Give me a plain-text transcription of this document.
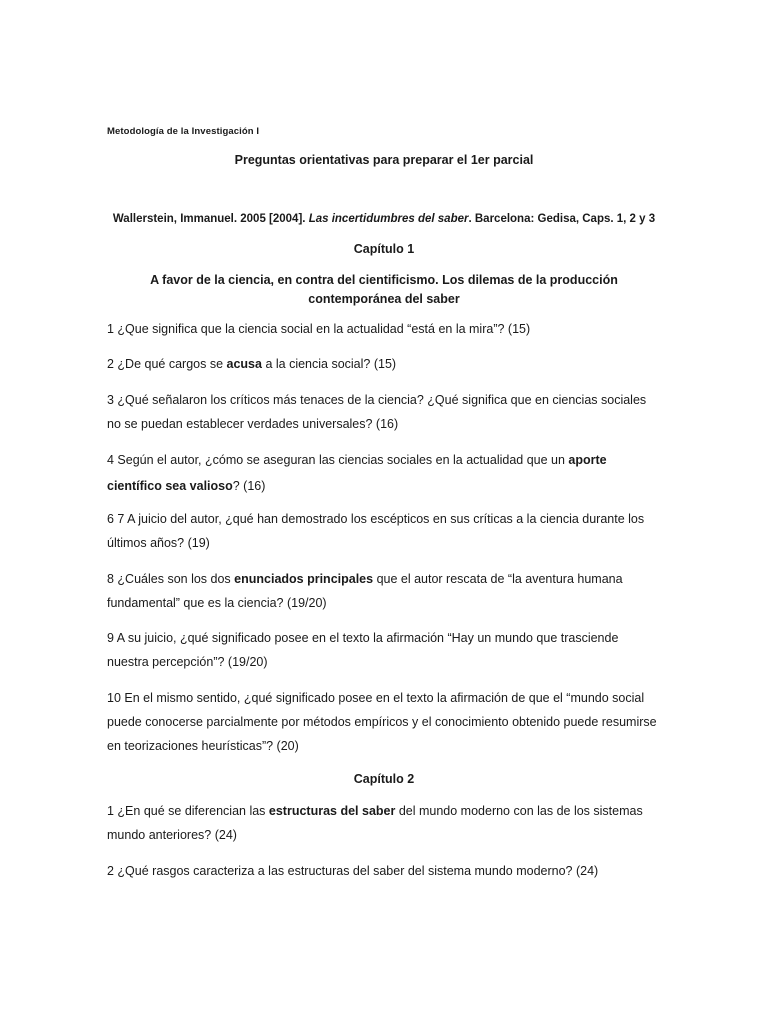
Metodología de la Investigación I
Preguntas orientativas para preparar el 1er parcial
Wallerstein, Immanuel. 2005 [2004]. Las incertidumbres del saber. Barcelona: Gedisa, Caps. 1, 2 y 3
Capítulo 1
A favor de la ciencia, en contra del cientificismo. Los dilemas de la producción contemporánea del saber
1 ¿Que significa que la ciencia social en la actualidad “está en la mira”? (15)
2 ¿De qué cargos se acusa a la ciencia social? (15)
3 ¿Qué señalaron los críticos más tenaces de la ciencia? ¿Qué significa que en ciencias sociales no se puedan establecer verdades universales? (16)
4 Según el autor, ¿cómo se aseguran las ciencias sociales en la actualidad que un aporte científico sea valioso? (16)
6 7 A juicio del autor, ¿qué han demostrado los escépticos en sus críticas a la ciencia durante los últimos años? (19)
8 ¿Cuáles son los dos enunciados principales que el autor rescata de “la aventura humana fundamental” que es la ciencia? (19/20)
9 A su juicio, ¿qué significado posee en el texto la afirmación “Hay un mundo que trasciende nuestra percepción”? (19/20)
10 En el mismo sentido, ¿qué significado posee en el texto la afirmación de que el “mundo social puede conocerse parcialmente por métodos empíricos y el conocimiento obtenido puede resumirse en teorizaciones heurísticas”? (20)
Capítulo 2
1 ¿En qué se diferencian las estructuras del saber del mundo moderno con las de los sistemas mundo anteriores? (24)
2 ¿Qué rasgos caracteriza a las estructuras del saber del sistema mundo moderno? (24)
